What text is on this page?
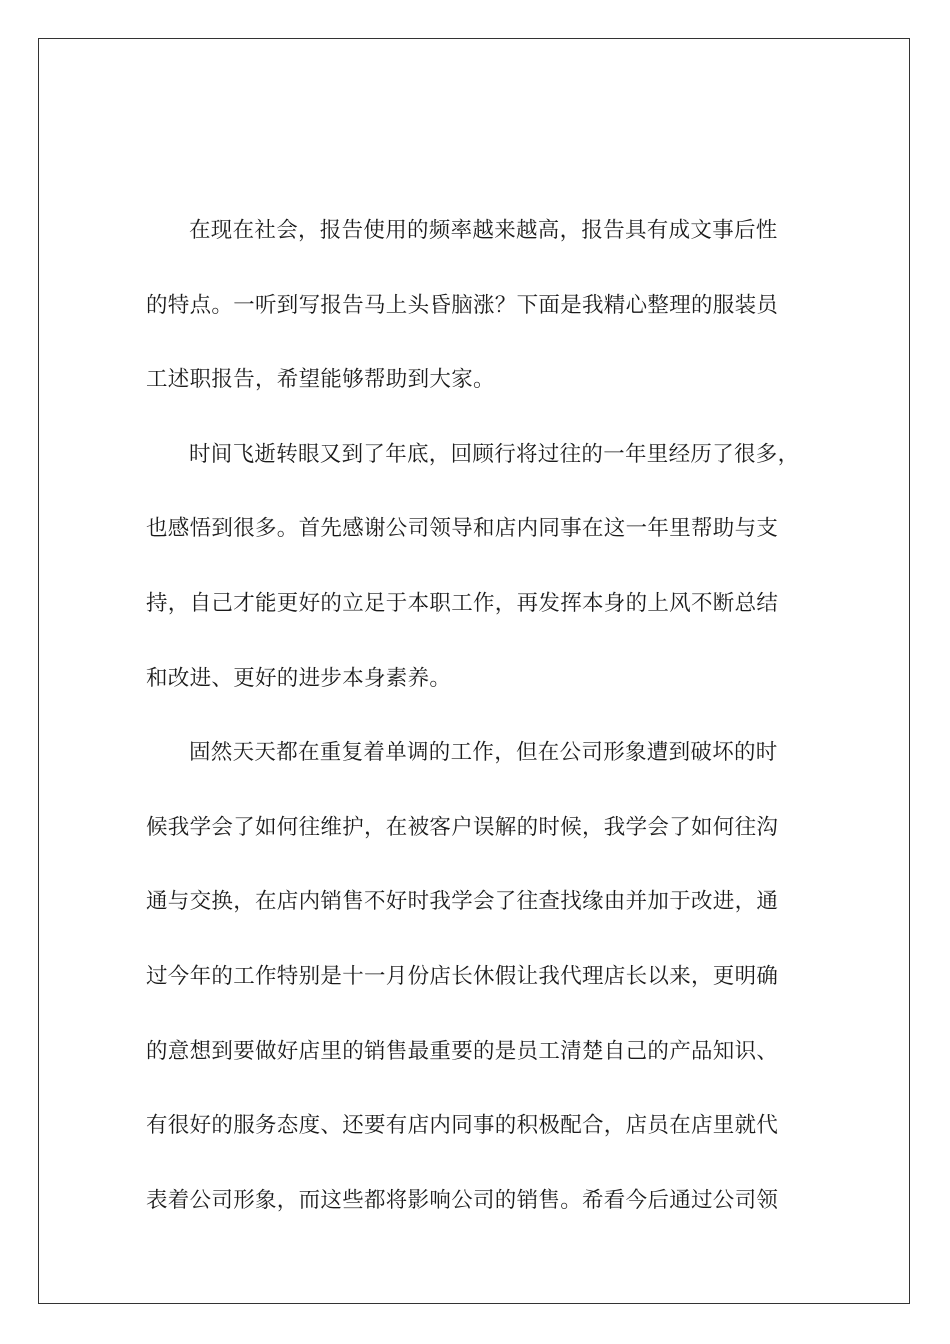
在现在社会，报告使用的频率越来越高，报告具有成文事后性
的特点。一听到写报告马上头昏脑涨？下面是我精心整理的服装员
工述职报告，希望能够帮助到大家。
时间飞逝转眼又到了年底，回顾行将过往的一年里经历了很多，
也感悟到很多。首先感谢公司领导和店内同事在这一年里帮助与支
持，自己才能更好的立足于本职工作，再发挥本身的上风不断总结
和改进、更好的进步本身素养。
固然天天都在重复着单调的工作，但在公司形象遭到破坏的时
候我学会了如何往维护，在被客户误解的时候，我学会了如何往沟
通与交换，在店内销售不好时我学会了往查找缘由并加于改进，通
过今年的工作特别是十一月份店长休假让我代理店长以来，更明确
的意想到要做好店里的销售最重要的是员工清楚自己的产品知识、
有很好的服务态度、还要有店内同事的积极配合，店员在店里就代
表着公司形象，而这些都将影响公司的销售。希看今后通过公司领
